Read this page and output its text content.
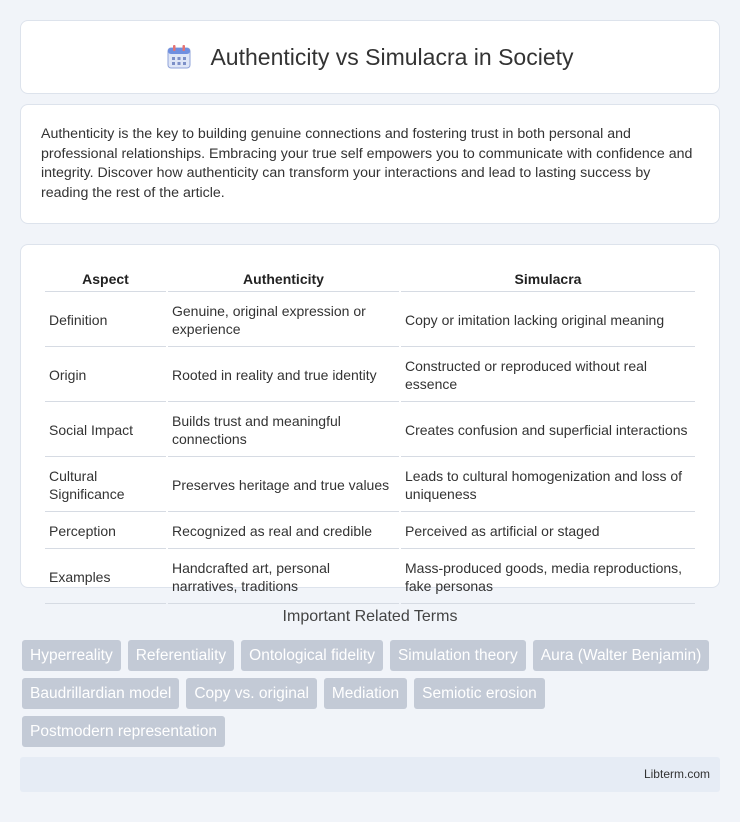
Authenticity vs Simulacra in Society

Authenticity is the key to building genuine connections and fostering trust in both personal and professional relationships. Embracing your true self empowers you to communicate with confidence and integrity. Discover how authenticity can transform your interactions and lead to lasting success by reading the rest of the article.

Aspect	Authenticity	Simulacra
Definition	Genuine, original expression or experience	Copy or imitation lacking original meaning
Origin	Rooted in reality and true identity	Constructed or reproduced without real essence
Social Impact	Builds trust and meaningful connections	Creates confusion and superficial interactions
Cultural Significance	Preserves heritage and true values	Leads to cultural homogenization and loss of uniqueness
Perception	Recognized as real and credible	Perceived as artificial or staged
Examples	Handcrafted art, personal narratives, traditions	Mass-produced goods, media reproductions, fake personas
Important Related Terms
Hyperreality	Referentiality	Ontological fidelity	Simulation theory	Aura (Walter Benjamin)
Baudrillardian model	Copy vs. original	Mediation	Semiotic erosion
Postmodern representation
Libterm.com
